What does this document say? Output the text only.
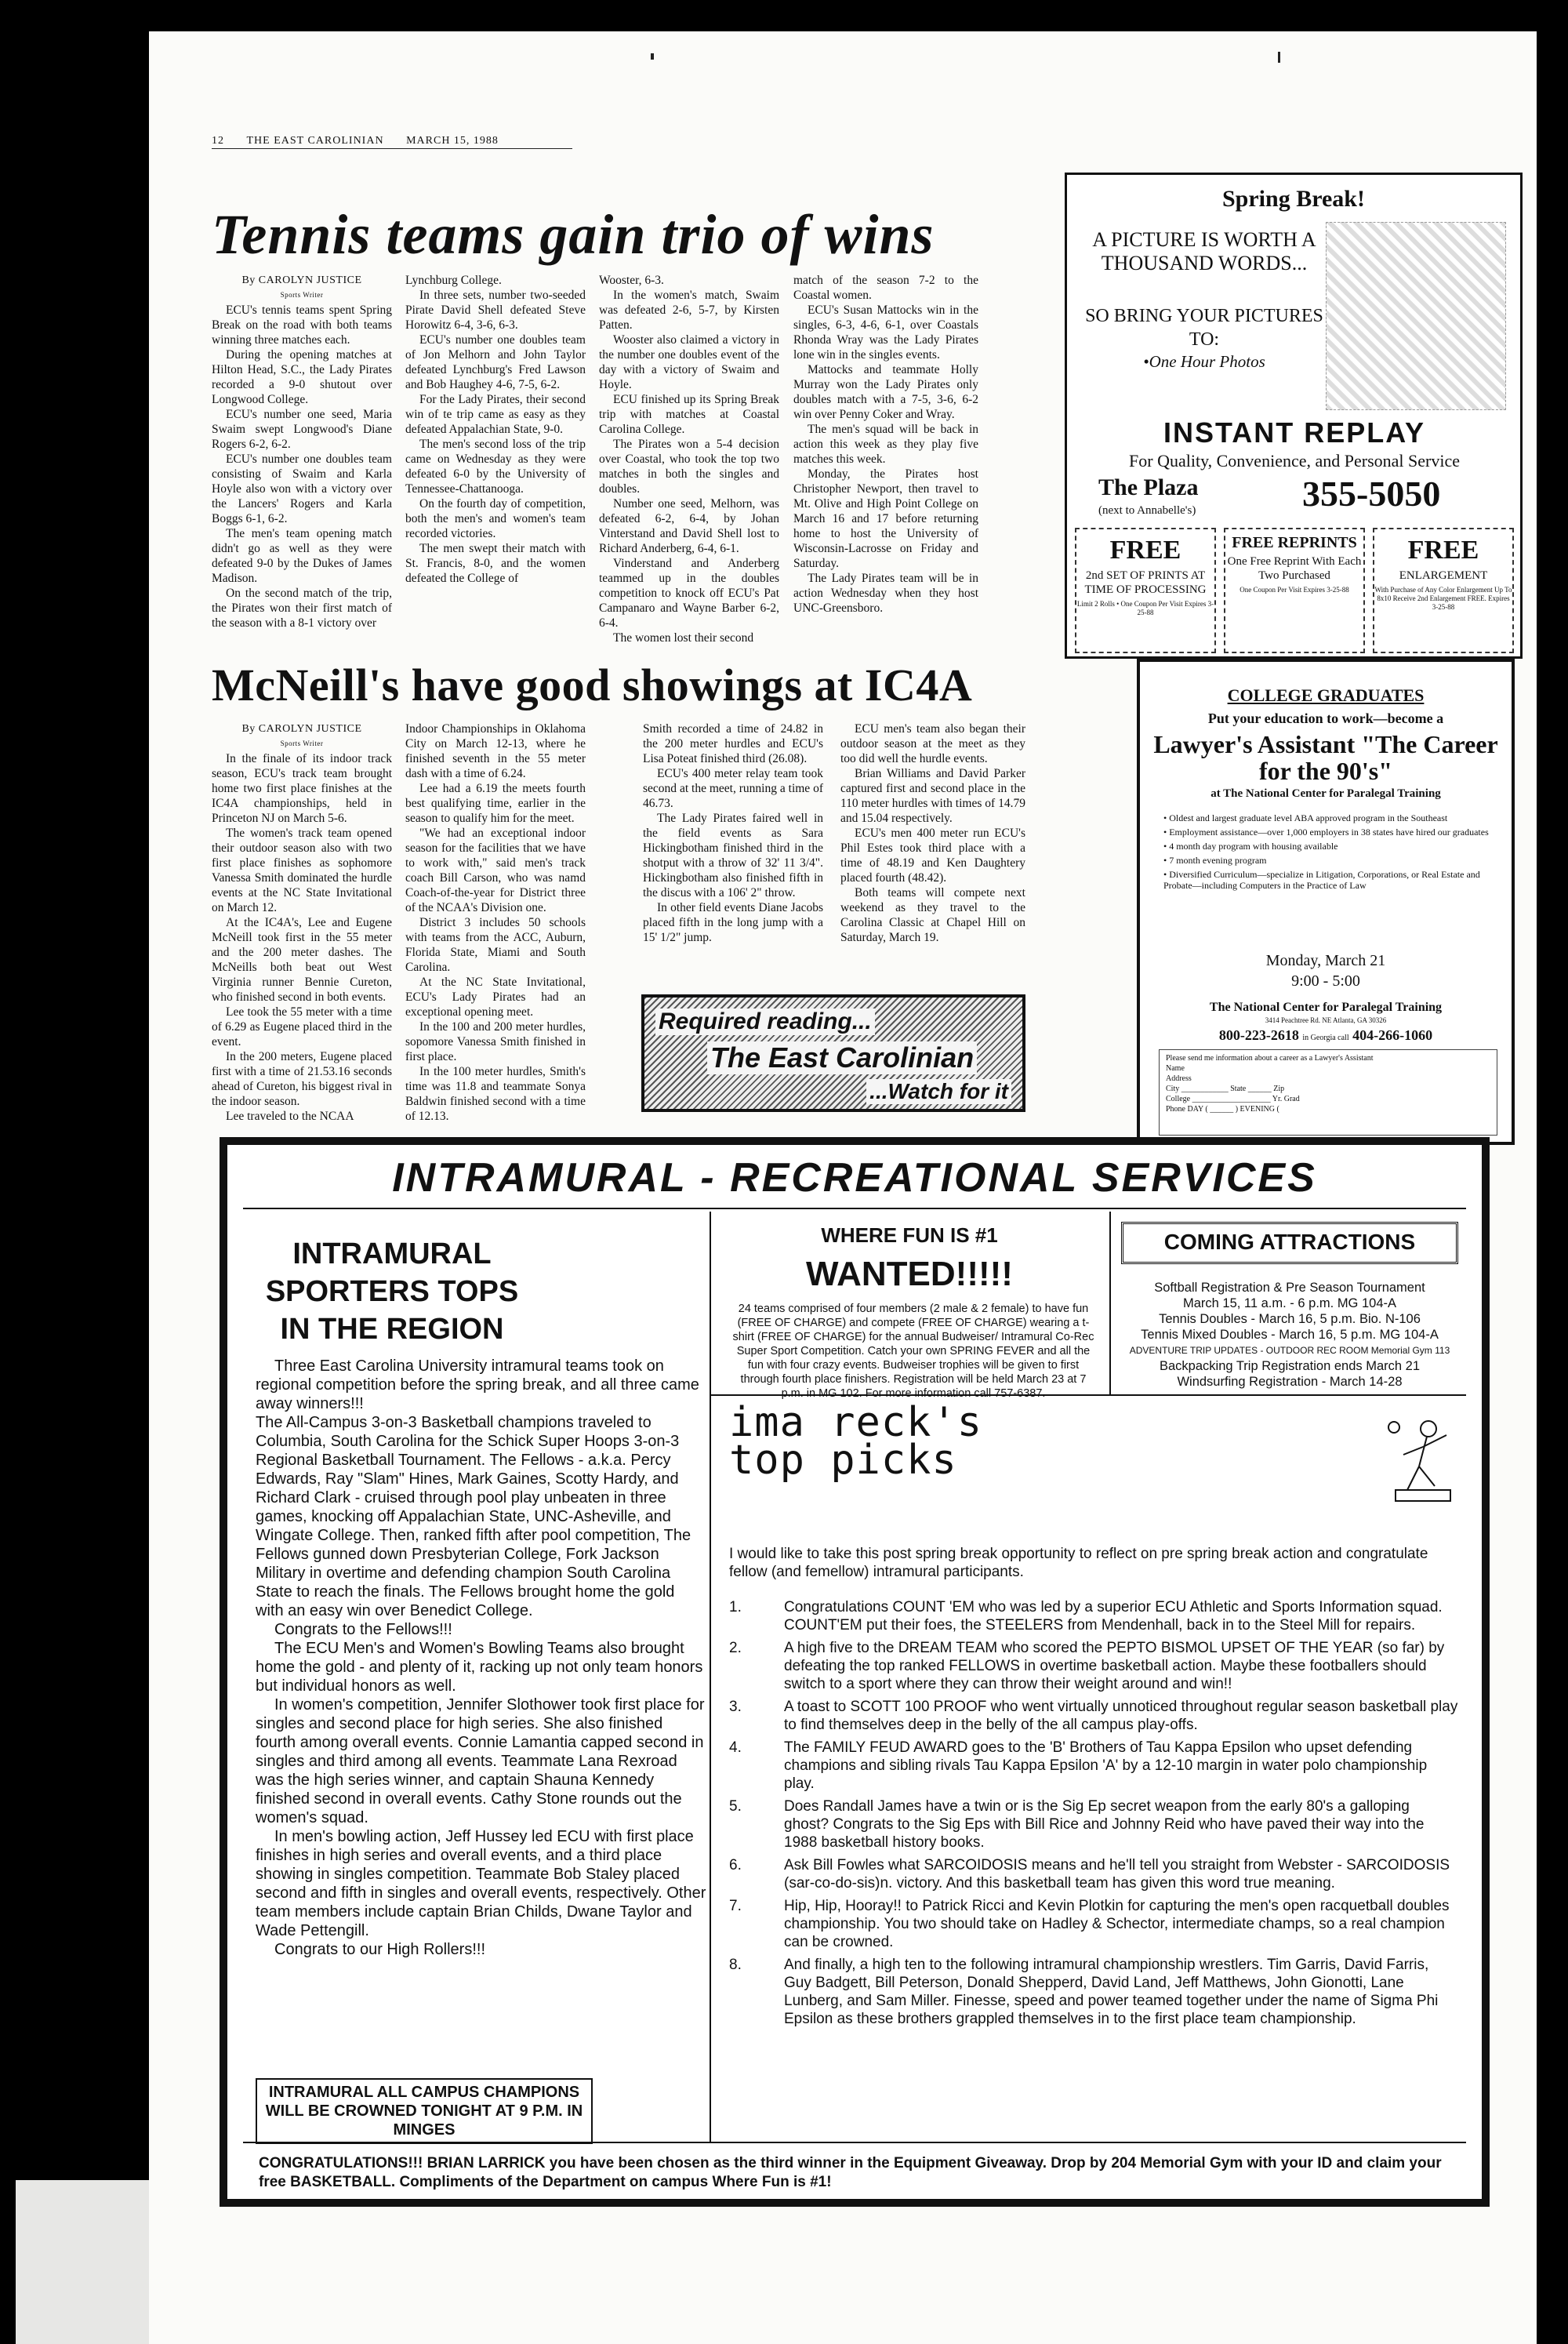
12 THE EAST CAROLINIAN MARCH 15, 1988
Tennis teams gain trio of wins

By CAROLYN JUSTICE
Sports Writer

ECU's tennis teams spent Spring Break on the road with both teams winning three matches each.

During the opening matches at Hilton Head, S.C., the Lady Pirates recorded a 9-0 shutout over Longwood College.

ECU's number one seed, Maria Swaim swept Longwood's Diane Rogers 6-2, 6-2.

ECU's number one doubles team consisting of Swaim and Karla Hoyle also won with a victory over the Lancers' Rogers and Karla Boggs 6-1, 6-2.

The men's team opening match didn't go as well as they were defeated 9-0 by the Dukes of James Madison.

On the second match of the trip, the Pirates won their first match of the season with a 8-1 victory over

Lynchburg College.

In three sets, number two-seeded Pirate David Shell defeated Steve Horowitz 6-4, 3-6, 6-3.

ECU's number one doubles team of Jon Melhorn and John Taylor defeated Lynchburg's Fred Lawson and Bob Haughey 4-6, 7-5, 6-2.

For the Lady Pirates, their second win of te trip came as easy as they defeated Appalachian State, 9-0.

The men's second loss of the trip came on Wednesday as they were defeated 6-0 by the University of Tennessee-Chattanooga.

On the fourth day of competition, both the men's and women's team recorded victories.

The men swept their match with St. Francis, 8-0, and the women defeated the College of

Wooster, 6-3.

In the women's match, Swaim was defeated 2-6, 5-7, by Kirsten Patten.

Wooster also claimed a victory in the number one doubles event of the day with a victory of Swaim and Hoyle.

ECU finished up its Spring Break trip with matches at Coastal Carolina College.

The Pirates won a 5-4 decision over Coastal, who took the top two matches in both the singles and doubles.

Number one seed, Melhorn, was defeated 6-2, 6-4, by Johan Vinterstand and David Shell lost to Richard Anderberg, 6-4, 6-1.

Vinderstand and Anderberg teammed up in the doubles competition to knock off ECU's Pat Campanaro and Wayne Barber 6-2, 6-4.

The women lost their second

match of the season 7-2 to the Coastal women.

ECU's Susan Mattocks win in the singles, 6-3, 4-6, 6-1, over Coastals Rhonda Wray was the Lady Pirates lone win in the singles events.

Mattocks and teammate Holly Murray won the Lady Pirates only doubles match with a 7-5, 3-6, 6-2 win over Penny Coker and Wray.

The men's squad will be back in action this week as they play five matches this week.

Monday, the Pirates host Christopher Newport, then travel to Mt. Olive and High Point College on March 16 and 17 before returning home to host the University of Wisconsin-Lacrosse on Friday and Saturday.

The Lady Pirates team will be in action Wednesday when they host UNC-Greensboro.

Spring Break!
A PICTURE IS WORTH A THOUSAND WORDS...
SO BRING YOUR PICTURES TO:
•One Hour Photos
INSTANT REPLAY
For Quality, Convenience, and Personal Service
The Plaza
(next to Annabelle's)	355-5050
FREE
2nd SET OF PRINTS AT TIME OF PROCESSING
Limit 2 Rolls • One Coupon Per Visit Expires 3-25-88
FREE REPRINTS
One Free Reprint With Each Two Purchased
One Coupon Per Visit Expires 3-25-88
FREE
ENLARGEMENT
With Purchase of Any Color Enlargement Up To 8x10 Receive 2nd Enlargement FREE. Expires 3-25-88
McNeill's have good showings at IC4A

By CAROLYN JUSTICE
Sports Writer

In the finale of its indoor track season, ECU's track team brought home two first place finishes at the IC4A championships, held in Princeton NJ on March 5-6.

The women's track team opened their outdoor season also with two first place finishes as sophomore Vanessa Smith dominated the hurdle events at the NC State Invitational on March 12.

At the IC4A's, Lee and Eugene McNeill took first in the 55 meter and the 200 meter dashes. The McNeills both beat out West Virginia runner Bennie Cureton, who finished second in both events.

Lee took the 55 meter with a time of 6.29 as Eugene placed third in the event.

In the 200 meters, Eugene placed first with a time of 21.53.16 seconds ahead of Cureton, his biggest rival in the indoor season.

Lee traveled to the NCAA

Indoor Championships in Oklahoma City on March 12-13, where he finished seventh in the 55 meter dash with a time of 6.24.

Lee had a 6.19 the meets fourth best qualifying time, earlier in the season to qualify him for the meet.

"We had an exceptional indoor season for the facilities that we have to work with," said men's track coach Bill Carson, who was namd Coach-of-the-year for District three of the NCAA's Division one.

District 3 includes 50 schools with teams from the ACC, Auburn, Florida State, Miami and South Carolina.

At the NC State Invitational, ECU's Lady Pirates had an exceptional opening meet.

In the 100 and 200 meter hurdles, sopomore Vanessa Smith finished in first place.

In the 100 meter hurdles, Smith's time was 11.8 and teammate Sonya Baldwin finished second with a time of 12.13.

Smith recorded a time of 24.82 in the 200 meter hurdles and ECU's Lisa Poteat finished third (26.08).

ECU's 400 meter relay team took second at the meet, running a time of 46.73.

The Lady Pirates faired well in the field events as Sara Hickingbotham finished third in the shotput with a throw of 32' 11 3/4". Hickingbotham also finished fifth in the discus with a 106' 2" throw.

In other field events Diane Jacobs placed fifth in the long jump with a 15' 1/2" jump.

ECU men's team also began their outdoor season at the meet as they too did well the hurdle events.

Brian Williams and David Parker captured first and second place in the 110 meter hurdles with times of 14.79 and 15.04 respectively.

ECU's men 400 meter run ECU's Phil Estes took third place with a time of 48.19 and Ken Daughtery placed fourth (48.42).

Both teams will compete next weekend as they travel to the Carolina Classic at Chapel Hill on Saturday, March 19.

Required reading...
The East Carolinian
...Watch for it
COLLEGE GRADUATES
Put your education to work—become a
Lawyer's Assistant "The Career for the 90's"
at The National Center for Paralegal Training
• Oldest and largest graduate level ABA approved program in the Southeast
• Employment assistance—over 1,000 employers in 38 states have hired our graduates
• 4 month day program with housing available
• 7 month evening program
• Diversified Curriculum—specialize in Litigation, Corporations, or Real Estate and Probate—including Computers in the Practice of Law
Monday, March 21
9:00 - 5:00
The National Center for Paralegal Training
3414 Peachtree Rd. NE Atlanta, GA 30326
800-223-2618 in Georgia call 404-266-1060
Please send me information about a career as a Lawyer's Assistant
Name
Address
City ____________ State ______ Zip
College ____________________ Yr. Grad
Phone DAY ( ______ ) EVENING (
INTRAMURAL - RECREATIONAL SERVICES
INTRAMURAL SPORTERS TOPS IN THE REGION

Three East Carolina University intramural teams took on regional competition before the spring break, and all three came away winners!!!

The All-Campus 3-on-3 Basketball champions traveled to Columbia, South Carolina for the Schick Super Hoops 3-on-3 Regional Basketball Tournament. The Fellows - a.k.a. Percy Edwards, Ray "Slam" Hines, Mark Gaines, Scotty Hardy, and Richard Clark - cruised through pool play unbeaten in three games, knocking off Appalachian State, UNC-Asheville, and Wingate College. Then, ranked fifth after pool competition, The Fellows gunned down Presbyterian College, Fork Jackson Military in overtime and defending champion South Carolina State to reach the finals. The Fellows brought home the gold with an easy win over Benedict College.

Congrats to the Fellows!!!

The ECU Men's and Women's Bowling Teams also brought home the gold - and plenty of it, racking up not only team honors but individual honors as well.

In women's competition, Jennifer Slothower took first place for singles and second place for high series. She also finished fourth among overall events. Connie Lamantia capped second in singles and third among all events. Teammate Lana Rexroad was the high series winner, and captain Shauna Kennedy finished second in overall events. Cathy Stone rounds out the women's squad.

In men's bowling action, Jeff Hussey led ECU with first place finishes in high series and overall events, and a third place showing in singles competition. Teammate Bob Staley placed second and fifth in singles and overall events, respectively. Other team members include captain Brian Childs, Dwane Taylor and Wade Pettengill.

Congrats to our High Rollers!!!

INTRAMURAL ALL CAMPUS CHAMPIONS WILL BE CROWNED TONIGHT AT 9 P.M. IN MINGES
WHERE FUN IS #1
WANTED!!!!!
24 teams comprised of four members (2 male & 2 female) to have fun (FREE OF CHARGE) and compete (FREE OF CHARGE) wearing a t-shirt (FREE OF CHARGE) for the annual Budweiser/ Intramural Co-Rec Super Sport Competition. Catch your own SPRING FEVER and all the fun with four crazy events. Budweiser trophies will be given to first through fourth place finishers. Registration will be held March 23 at 7 p.m. in MG 102. For more information call 757-6387.
COMING ATTRACTIONS
Softball Registration & Pre Season Tournament
March 15, 11 a.m. - 6 p.m. MG 104-A
Tennis Doubles - March 16, 5 p.m. Bio. N-106
Tennis Mixed Doubles - March 16, 5 p.m. MG 104-A
ADVENTURE TRIP UPDATES - OUTDOOR REC ROOM Memorial Gym 113
Backpacking Trip Registration ends March 21
Windsurfing Registration - March 14-28
ima reck's
top picks
I would like to take this post spring break opportunity to reflect on pre spring break action and congratulate fellow (and femellow) intramural participants.
1.	Congratulations COUNT 'EM who was led by a superior ECU Athletic and Sports Information squad. COUNT'EM put their foes, the STEELERS from Mendenhall, back in to the Steel Mill for repairs.
2.	A high five to the DREAM TEAM who scored the PEPTO BISMOL UPSET OF THE YEAR (so far) by defeating the top ranked FELLOWS in overtime basketball action. Maybe these footballers should switch to a sport where they can throw their weight around and win!!
3.	A toast to SCOTT 100 PROOF who went virtually unnoticed throughout regular season basketball play to find themselves deep in the belly of the all campus play-offs.
4.	The FAMILY FEUD AWARD goes to the 'B' Brothers of Tau Kappa Epsilon who upset defending champions and sibling rivals Tau Kappa Epsilon 'A' by a 12-10 margin in water polo championship play.
5.	Does Randall James have a twin or is the Sig Ep secret weapon from the early 80's a galloping ghost? Congrats to the Sig Eps with Bill Rice and Johnny Reid who have paved their way into the 1988 basketball history books.
6.	Ask Bill Fowles what SARCOIDOSIS means and he'll tell you straight from Webster - SARCOIDOSIS (sar-co-do-sis)n. victory. And this basketball team has given this word true meaning.
7.	Hip, Hip, Hooray!! to Patrick Ricci and Kevin Plotkin for capturing the men's open racquetball doubles championship. You two should take on Hadley & Schector, intermediate champs, so a real champion can be crowned.
8.	And finally, a high ten to the following intramural championship wrestlers. Tim Garris, David Farris, Guy Badgett, Bill Peterson, Donald Shepperd, David Land, Jeff Matthews, John Gionotti, Lane Lunberg, and Sam Miller. Finesse, speed and power teamed together under the name of Sigma Phi Epsilon as these brothers grappled themselves in to the first place team championship.
CONGRATULATIONS!!! BRIAN LARRICK you have been chosen as the third winner in the Equipment Giveaway. Drop by 204 Memorial Gym with your ID and claim your free BASKETBALL. Compliments of the Department on campus Where Fun is #1!
